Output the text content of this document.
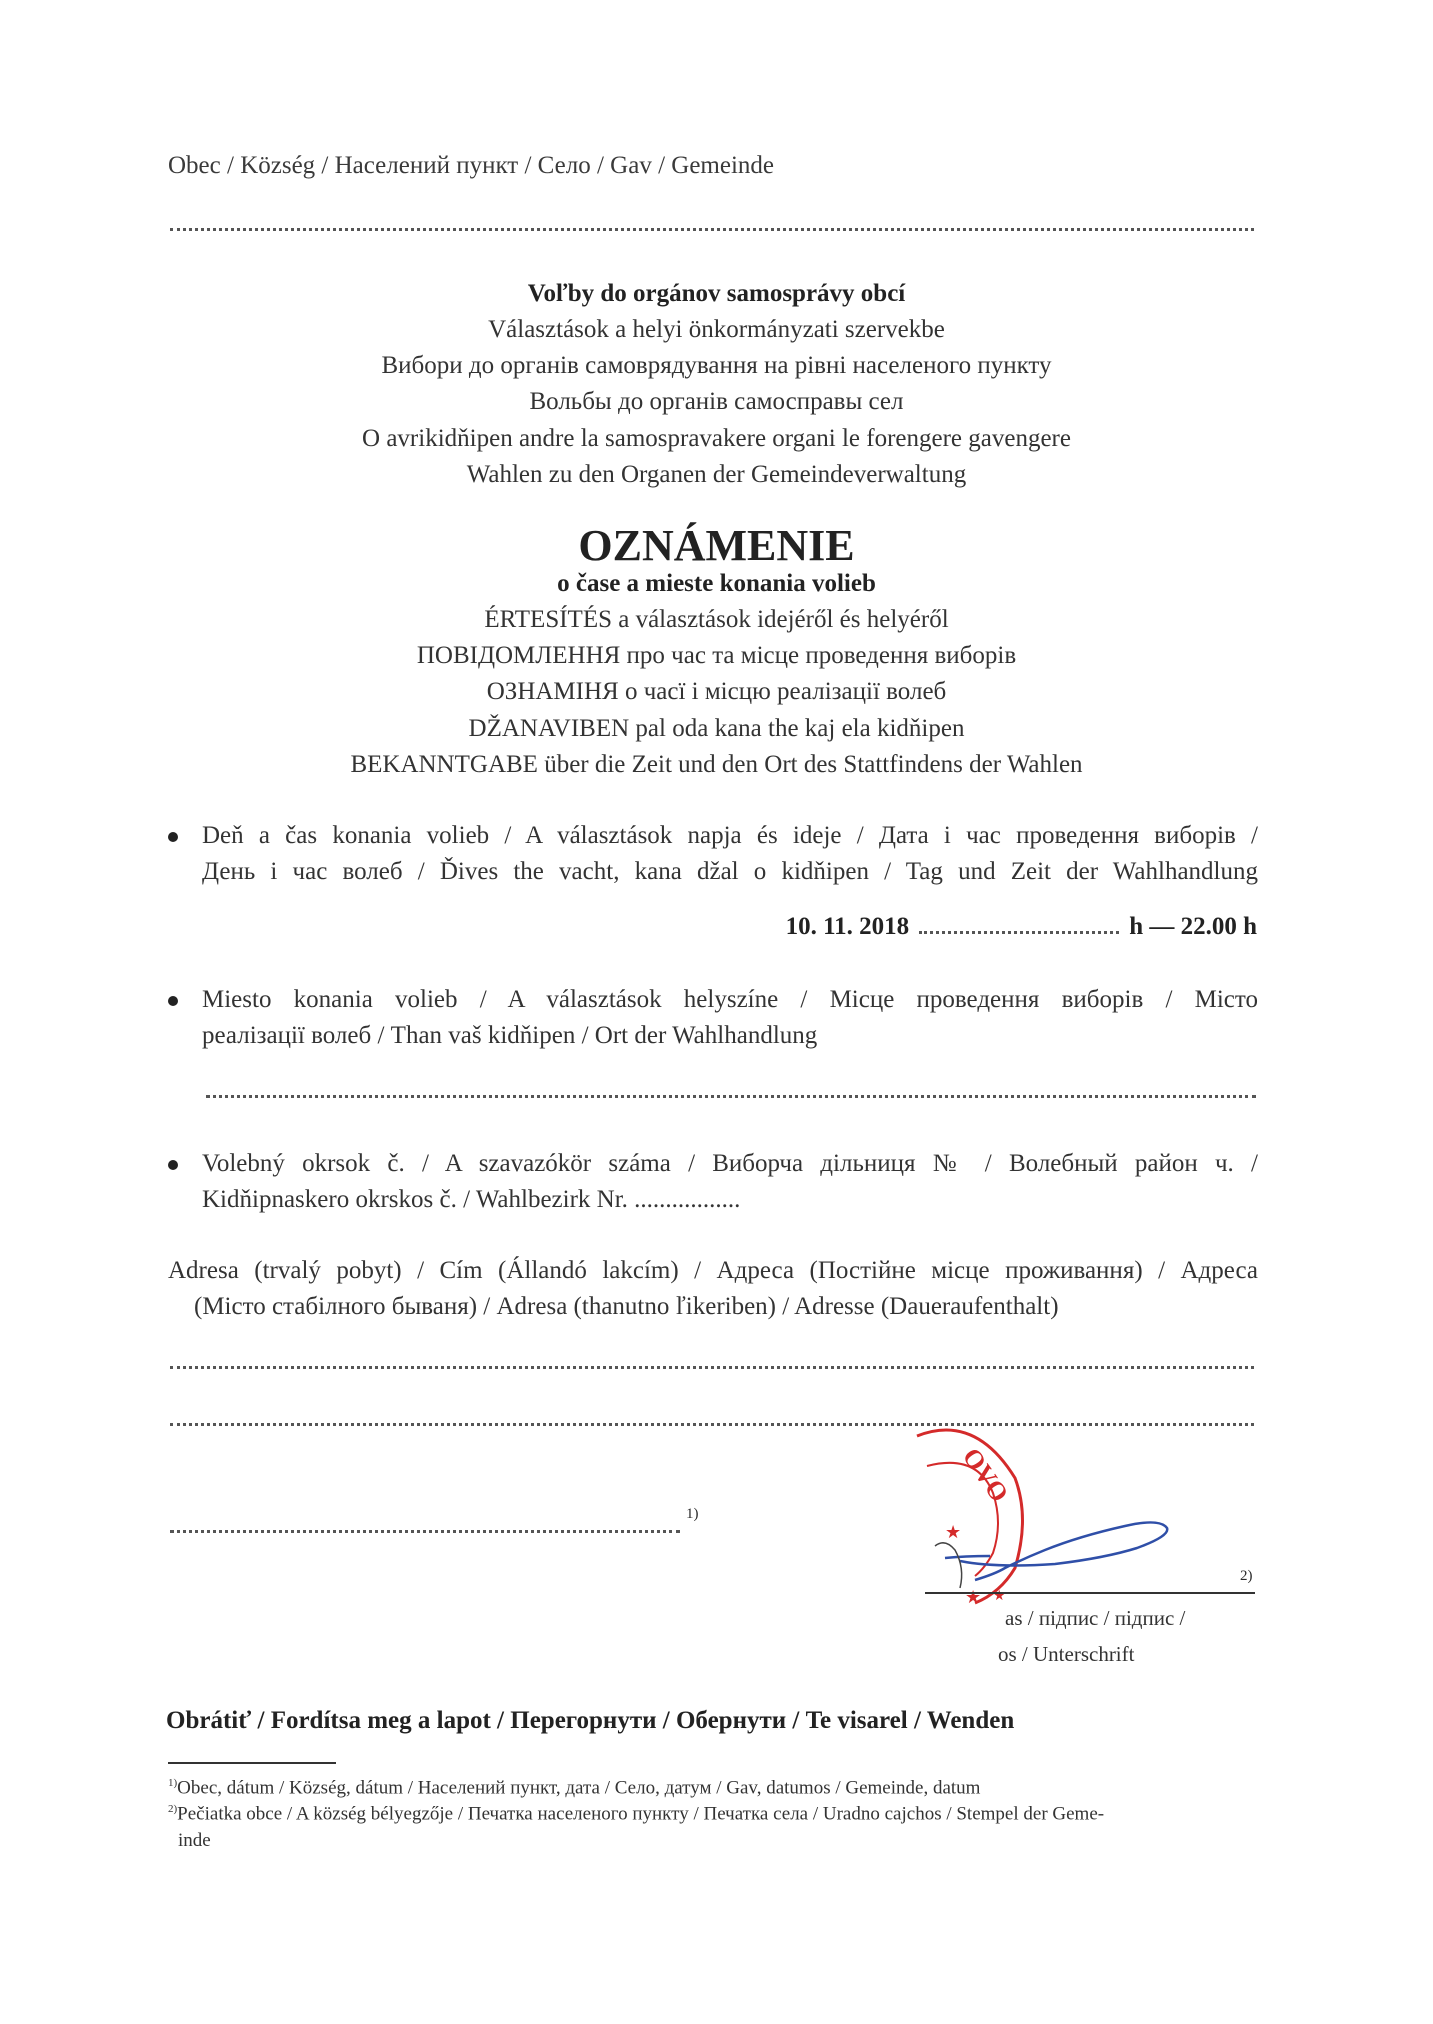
Obec / Község / Населений пункт / Село / Gav / Gemeinde
Voľby do orgánov samosprávy obcí
Választások a helyi önkormányzati szervekbe
Вибори до органів самоврядування на рівні населеного пункту
Вольбы до органів самосправы сел
O avrikidňipen andre la samospravakere organi le forengere gavengere
Wahlen zu den Organen der Gemeindeverwaltung
OZNÁMENIE
o čase a mieste konania volieb
ÉRTESÍTÉS a választások idejéről és helyéről
ПОВІДОМЛЕННЯ про час та місце проведення виборів
ОЗНАМІНЯ о часї і місцю реалізації волеб
DŽANAVIBEN pal oda kana the kaj ela kidňipen
BEKANNTGABE über die Zeit und den Ort des Stattfindens der Wahlen
Deň a čas konania volieb / A választások napja és ideje / Дата і час проведення виборів /
День і час волеб / Ďives the vacht, kana džal o kidňipen / Tag und Zeit der Wahlhandlung
10. 11. 2018	h — 22.00 h
Miesto konania volieb / A választások helyszíne / Місце проведення виборів / Місто
реалізації волеб / Than vaš kidňipen / Ort der Wahlhandlung
Volebný okrsok č. / A szavazókör száma / Виборча дільниця № / Волебный район ч. /
Kidňipnaskero okrskos č. / Wahlbezirk Nr. .................
Adresa (trvalý pobyt) / Cím (Állandó lakcím) / Адреса (Постійне місце проживання) / Адреса
(Місто стабілного бываня) / Adresa (thanutno ľikeriben) / Adresse (Daueraufenthalt)
1)
OVO
★
★ ★
2)
as / підпис / підпис /
os / Unterschrift
Obrátiť / Fordítsa meg a lapot / Перегорнути / Обернути / Te visarel / Wenden
$^{1)}$Obec, dátum / Község, dátum / Населений пункт, дата / Село, датум / Gav, datumos / Gemeinde, datum
$^{2)}$Pečiatka obce / A község bélyegzője / Печатка населеного пункту / Печатка села / Uradno cajchos / Stempel der Geme-
inde
